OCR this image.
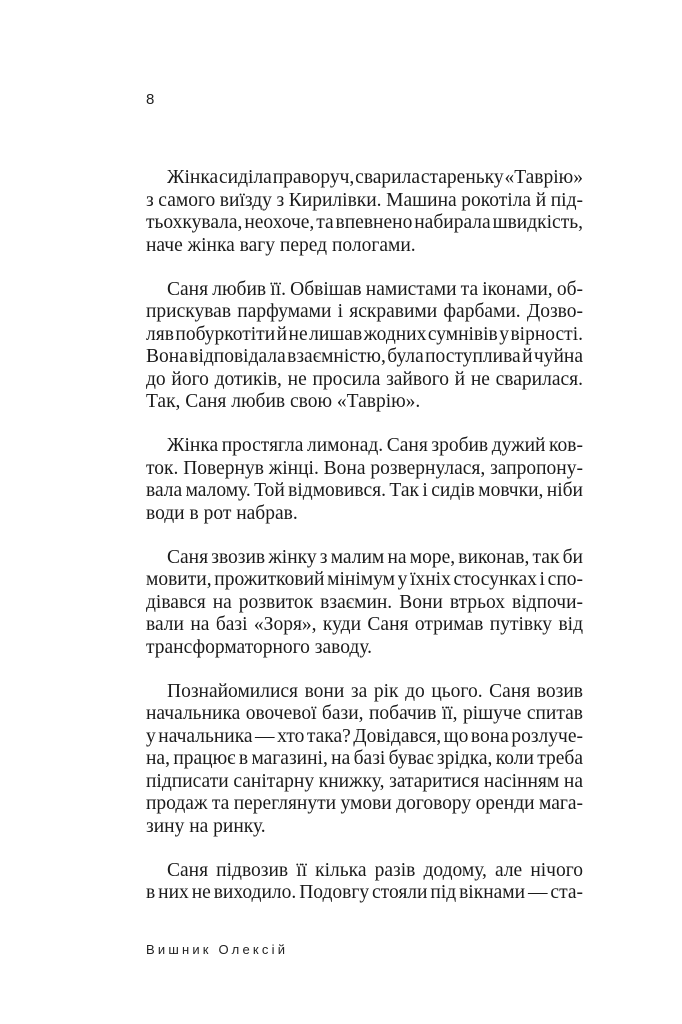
8
Жінка сиділа праворуч, сварила стареньку «Таврію»
з самого виїзду з Кирилівки. Машина рокотіла й під-
тьохкувала, неохоче, та впевнено набирала швидкість,
наче жінка вагу перед пологами.
Саня любив її. Обвішав намистами та іконами, об-
прискував парфумами і яскравими фарбами. Дозво-
ляв побуркотіти й не лишав жодних сумнівів у вірності.
Вона відповідала взаємністю, була поступлива й чуйна
до його дотиків, не просила зайвого й не сварилася.
Так, Саня любив свою «Таврію».
Жінка простягла лимонад. Саня зробив дужий ков-
ток. Повернув жінці. Вона розвернулася, запропону-
вала малому. Той відмовився. Так і сидів мовчки, ніби
води в рот набрав.
Саня звозив жінку з малим на море, виконав, так би
мовити, прожитковий мінімум у їхніх стосунках і спо-
дівався на розвиток взаємин. Вони втрьох відпочи-
вали на базі «Зоря», куди Саня отримав путівку від
трансформаторного заводу.
Познайомилися вони за рік до цього. Саня возив
начальника овочевої бази, побачив її, рішуче спитав
у начальника — хто така? Довідався, що вона розлуче-
на, працює в магазині, на базі буває зрідка, коли треба
підписати санітарну книжку, затаритися насінням на
продаж та переглянути умови договору оренди мага-
зину на ринку.
Саня підвозив її кілька разів додому, але нічого
в них не виходило. Подовгу стояли під вікнами — ста-
Вишник Олексій
